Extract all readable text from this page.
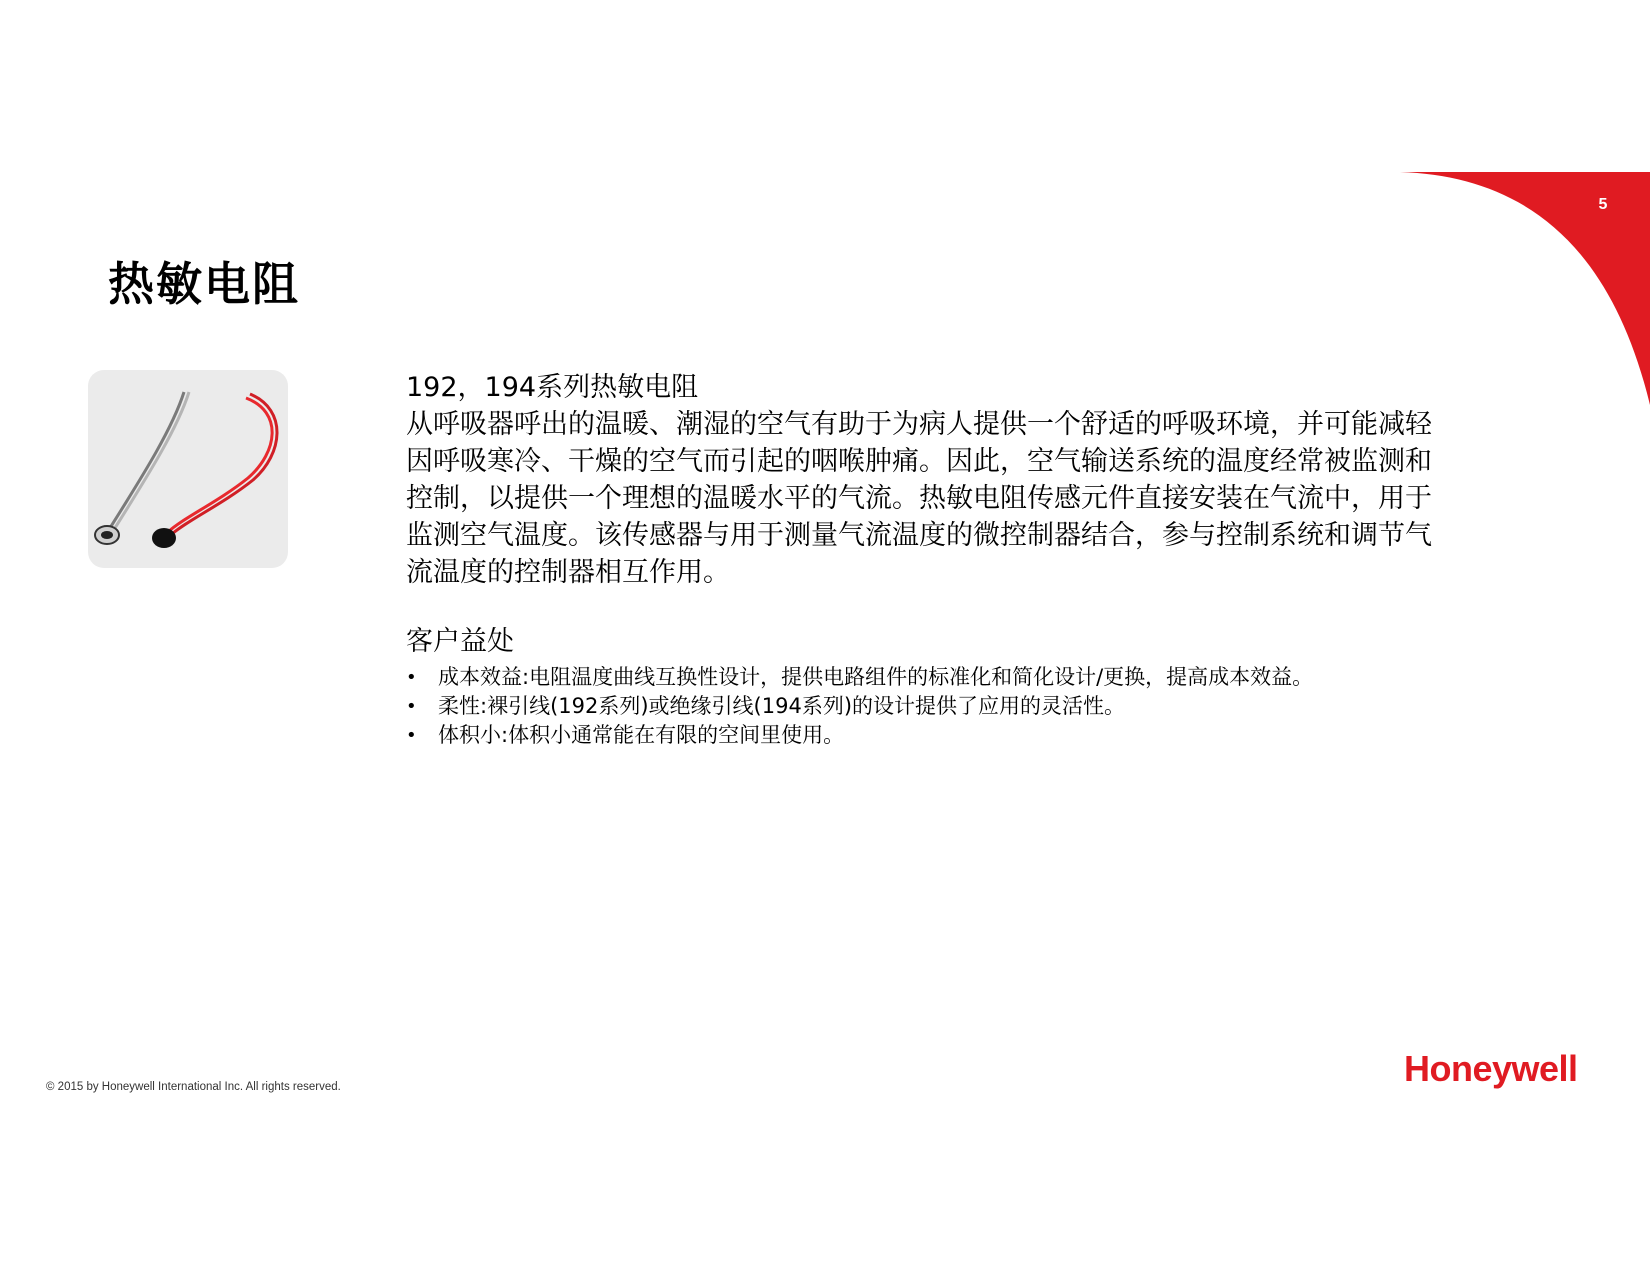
5
热敏电阻
192，194系列热敏电阻

从呼吸器呼出的温暖、潮湿的空气有助于为病人提供一个舒适的呼吸环境，并可能减轻因呼吸寒冷、干燥的空气而引起的咽喉肿痛。因此，空气输送系统的温度经常被监测和控制，以提供一个理想的温暖水平的气流。热敏电阻传感元件直接安装在气流中，用于监测空气温度。该传感器与用于测量气流温度的微控制器结合，参与控制系统和调节气流温度的控制器相互作用。

客户益处
• 成本效益:电阻温度曲线互换性设计，提供电路组件的标准化和简化设计/更换，提高成本效益。
• 柔性:裸引线(192系列)或绝缘引线(194系列)的设计提供了应用的灵活性。
• 体积小:体积小通常能在有限的空间里使用。
© 2015 by Honeywell International Inc. All rights reserved.	Honeywell
